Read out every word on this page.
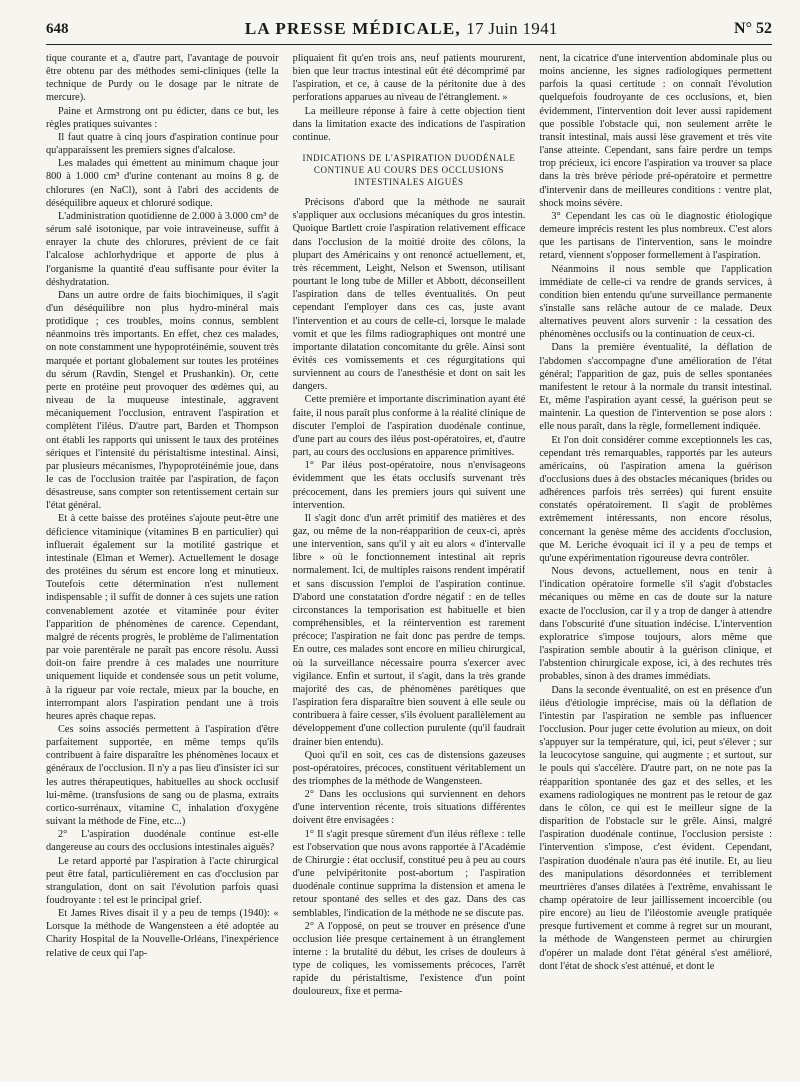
648	LA PRESSE MÉDICALE, 17 Juin 1941	N° 52

tique courante et a, d'autre part, l'avantage de pouvoir être obtenu par des méthodes semi-cliniques (telle la technique de Purdy ou le dosage par le nitrate de mercure).

Paine et Armstrong ont pu édicter, dans ce but, les règles pratiques suivantes :

Il faut quatre à cinq jours d'aspiration continue pour qu'apparaissent les premiers signes d'alcalose.

Les malades qui émettent au minimum chaque jour 800 à 1.000 cm³ d'urine contenant au moins 8 g. de chlorures (en NaCl), sont à l'abri des accidents de déséquilibre aqueux et chloruré sodique.

L'administration quotidienne de 2.000 à 3.000 cm³ de sérum salé isotonique, par voie intraveineuse, suffit à enrayer la chute des chlorures, prévient de ce fait l'alcalose achlorhydrique et apporte de plus à l'organisme la quantité d'eau suffisante pour éviter la déshydratation.

Dans un autre ordre de faits biochimiques, il s'agit d'un déséquilibre non plus hydro-minéral mais protidique ; ces troubles, moins connus, semblent néanmoins très importants. En effet, chez ces malades, on note constamment une hypoprotéinémie, souvent très marquée et portant globalement sur toutes les protéines du sérum (Ravdin, Stengel et Prushankin). Or, cette perte en protéine peut provoquer des œdèmes qui, au niveau de la muqueuse intestinale, aggravent mécaniquement l'occlusion, entravent l'aspiration et complètent l'iléus. D'autre part, Barden et Thompson ont établi les rapports qui unissent le taux des protéines sériques et l'intensité du péristaltisme intestinal. Ainsi, par plusieurs mécanismes, l'hypoprotéinémie joue, dans le cas de l'occlusion traitée par l'aspiration, de façon désastreuse, sans compter son retentissement certain sur l'état général.

Et à cette baisse des protéines s'ajoute peut-être une déficience vitaminique (vitamines B en particulier) qui influerait également sur la motilité gastrique et intestinale (Elman et Wemer). Actuellement le dosage des protéines du sérum est encore long et minutieux. Toutefois cette détermination n'est nullement indispensable ; il suffit de donner à ces sujets une ration convenablement azotée et vitaminée pour éviter l'apparition de phénomènes de carence. Cependant, malgré de récents progrès, le problème de l'alimentation par voie parentérale ne paraît pas encore résolu. Aussi doit-on faire prendre à ces malades une nourriture uniquement liquide et condensée sous un petit volume, à la rigueur par voie rectale, mieux par la bouche, en interrompant alors l'aspiration pendant une à trois heures après chaque repas.

Ces soins associés permettent à l'aspiration d'être parfaitement supportée, en même temps qu'ils contribuent à faire disparaître les phénomènes locaux et généraux de l'occlusion. Il n'y a pas lieu d'insister ici sur les autres thérapeutiques, habituelles au shock occlusif lui-même. (transfusions de sang ou de plasma, extraits cortico-surrénaux, vitamine C, inhalation d'oxygène suivant la méthode de Fine, etc...)

2° L'aspiration duodénale continue est-elle dangereuse au cours des occlusions intestinales aiguës?

Le retard apporté par l'aspiration à l'acte chirurgical peut être fatal, particulièrement en cas d'occlusion par strangulation, dont on sait l'évolution parfois quasi foudroyante : tel est le principal grief.

Et James Rives disait il y a peu de temps (1940): « Lorsque la méthode de Wangensteen a été adoptée au Charity Hospital de la Nouvelle-Orléans, l'inexpérience relative de ceux qui l'ap-

pliquaient fit qu'en trois ans, neuf patients moururent, bien que leur tractus intestinal eût été décomprimé par l'aspiration, et ce, à cause de la péritonite due à des perforations apparues au niveau de l'étranglement. »

La meilleure réponse à faire à cette objection tient dans la limitation exacte des indications de l'aspiration continue.

INDICATIONS DE L'ASPIRATION DUODÉNALE CONTINUE AU COURS DES OCCLUSIONS INTESTINALES AIGUËS

Précisons d'abord que la méthode ne saurait s'appliquer aux occlusions mécaniques du gros intestin. Quoique Bartlett croie l'aspiration relativement efficace dans l'occlusion de la moitié droite des côlons, la plupart des Américains y ont renoncé actuellement, et, très récemment, Leight, Nelson et Swenson, utilisant pourtant le long tube de Miller et Abbott, déconseillent l'aspiration dans de telles éventualités. On peut cependant l'employer dans ces cas, juste avant l'intervention et au cours de celle-ci, lorsque le malade vomit et que les films radiographiques ont montré une importante dilatation concomitante du grêle. Ainsi sont évités ces vomissements et ces régurgitations qui surviennent au cours de l'anesthésie et dont on sait les dangers.

Cette première et importante discrimination ayant été faite, il nous paraît plus conforme à la réalité clinique de discuter l'emploi de l'aspiration duodénale continue, d'une part au cours des iléus post-opératoires, et, d'autre part, au cours des occlusions en apparence primitives.

1° Par iléus post-opératoire, nous n'envisageons évidemment que les états occlusifs survenant très précocement, dans les premiers jours qui suivent une intervention.

Il s'agit donc d'un arrêt primitif des matières et des gaz, ou même de la non-réapparition de ceux-ci, après une intervention, sans qu'il y ait eu alors « d'intervalle libre » où le fonctionnement intestinal ait repris normalement. Ici, de multiples raisons rendent impératif et sans discussion l'emploi de l'aspiration continue. D'abord une constatation d'ordre négatif : en de telles circonstances la temporisation est habituelle et bien compréhensibles, et la réintervention est rarement précoce; l'aspiration ne fait donc pas perdre de temps. En outre, ces malades sont encore en milieu chirurgical, où la surveillance nécessaire pourra s'exercer avec vigilance. Enfin et surtout, il s'agit, dans la très grande majorité des cas, de phénomènes parétiques que l'aspiration fera disparaître bien souvent à elle seule ou contribuera à faire cesser, s'ils évoluent parallèlement au développement d'une collection purulente (qu'il faudrait drainer bien entendu).

Quoi qu'il en soit, ces cas de distensions gazeuses post-opératoires, précoces, constituent véritablement un des triomphes de la méthode de Wangensteen.

2° Dans les occlusions qui surviennent en dehors d'une intervention récente, trois situations différentes doivent être envisagées :

1° Il s'agit presque sûrement d'un iléus réflexe : telle est l'observation que nous avons rapportée à l'Académie de Chirurgie : état occlusif, constitué peu à peu au cours d'une pelvipéritonite post-abortum ; l'aspiration duodénale continue supprima la distension et amena le retour spontané des selles et des gaz. Dans des cas semblables, l'indication de la méthode ne se discute pas.

2° A l'opposé, on peut se trouver en présence d'une occlusion liée presque certainement à un étranglement interne : la brutalité du début, les crises de douleurs à type de coliques, les vomissements précoces, l'arrêt rapide du péristaltisme, l'existence d'un point douloureux, fixe et perma-

nent, la cicatrice d'une intervention abdominale plus ou moins ancienne, les signes radiologiques permettent parfois la quasi certitude : on connaît l'évolution quelquefois foudroyante de ces occlusions, et, bien évidemment, l'intervention doit lever aussi rapidement que possible l'obstacle qui, non seulement arrête le transit intestinal, mais aussi lèse gravement et très vite l'anse atteinte. Cependant, sans faire perdre un temps trop précieux, ici encore l'aspiration va trouver sa place dans la très brève période pré-opératoire et permettre d'intervenir dans de meilleures conditions : ventre plat, shock moins sévère.

3° Cependant les cas où le diagnostic étiologique demeure imprécis restent les plus nombreux. C'est alors que les partisans de l'intervention, sans le moindre retard, viennent s'opposer formellement à l'aspiration.

Néanmoins il nous semble que l'application immédiate de celle-ci va rendre de grands services, à condition bien entendu qu'une surveillance permanente s'installe sans relâche autour de ce malade. Deux alternatives peuvent alors survenir : la cessation des phénomènes occlusifs ou la continuation de ceux-ci.

Dans la première éventualité, la déflation de l'abdomen s'accompagne d'une amélioration de l'état général; l'apparition de gaz, puis de selles spontanées manifestent le retour à la normale du transit intestinal. Et, même l'aspiration ayant cessé, la guérison peut se maintenir. La question de l'intervention se pose alors : elle nous paraît, dans la règle, formellement indiquée.

Et l'on doit considérer comme exceptionnels les cas, cependant très remarquables, rapportés par les auteurs américains, où l'aspiration amena la guérison d'occlusions dues à des obstacles mécaniques (brides ou adhérences parfois très serrées) qui furent ensuite constatés opératoirement. Il s'agit de problèmes extrêmement intéressants, non encore résolus, concernant la genèse même des accidents d'occlusion, que M. Leriche évoquait ici il y a peu de temps et qu'une expérimentation rigoureuse devra contrôler.

Nous devons, actuellement, nous en tenir à l'indication opératoire formelle s'il s'agit d'obstacles mécaniques ou même en cas de doute sur la nature exacte de l'occlusion, car il y a trop de danger à attendre dans l'obscurité d'une situation indécise. L'intervention exploratrice s'impose toujours, alors même que l'aspiration semble aboutir à la guérison clinique, et l'abstention chirurgicale expose, ici, à des rechutes très probables, sinon à des drames immédiats.

Dans la seconde éventualité, on est en présence d'un iléus d'étiologie imprécise, mais où la déflation de l'intestin par l'aspiration ne semble pas influencer l'occlusion. Pour juger cette évolution au mieux, on doit s'appuyer sur la température, qui, ici, peut s'élever ; sur la leucocytose sanguine, qui augmente ; et surtout, sur le pouls qui s'accélère. D'autre part, on ne note pas la réapparition spontanée des gaz et des selles, et les examens radiologiques ne montrent pas le retour de gaz dans le côlon, ce qui est le meilleur signe de la disparition de l'obstacle sur le grêle. Ainsi, malgré l'aspiration duodénale continue, l'occlusion persiste : l'intervention s'impose, c'est évident. Cependant, l'aspiration duodénale n'aura pas été inutile. Et, au lieu des manipulations désordonnées et terriblement meurtrières d'anses dilatées à l'extrême, envahissant le champ opératoire de leur jaillissement incoercible (ou pire encore) au lieu de l'iléostomie aveugle pratiquée presque furtivement et comme à regret sur un mourant, la méthode de Wangensteen permet au chirurgien d'opérer un malade dont l'état général s'est amélioré, dont l'état de shock s'est atténué, et dont le
